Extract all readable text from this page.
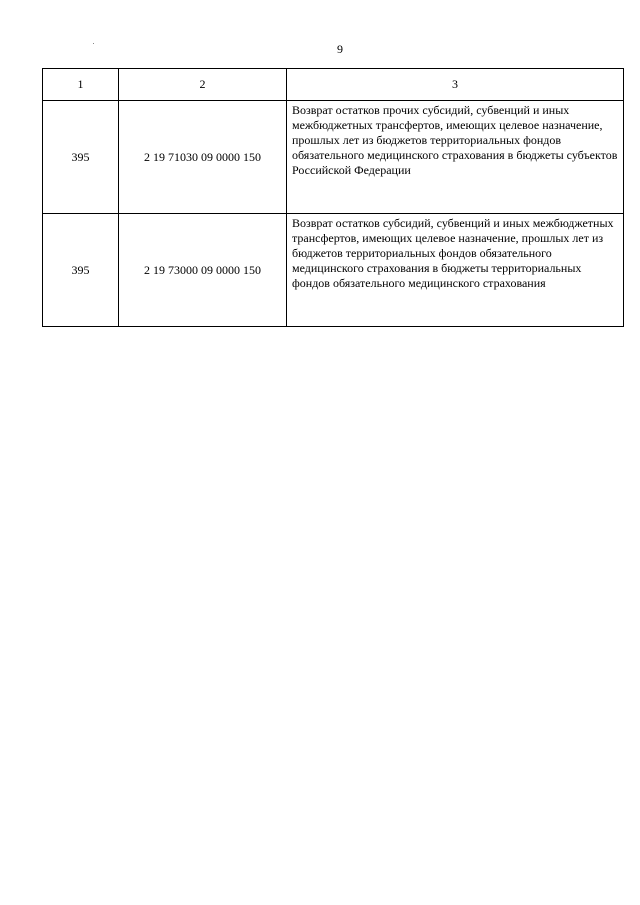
9
1	2	3
395	2 19 71030 09 0000 150	Возврат остатков прочих субсидий, субвенций и иных межбюджетных трансфертов, имеющих целевое назначение, прошлых лет из бюджетов территориальных фондов обязательного медицинского страхования в бюджеты субъектов Российской Федерации
395	2 19 73000 09 0000 150	Возврат остатков субсидий, субвенций и иных межбюджетных трансфертов, имеющих целевое назначение, прошлых лет из бюджетов территориальных фондов обязательного медицинского страхования в бюджеты территориальных фондов обязательного медицинского страхования
